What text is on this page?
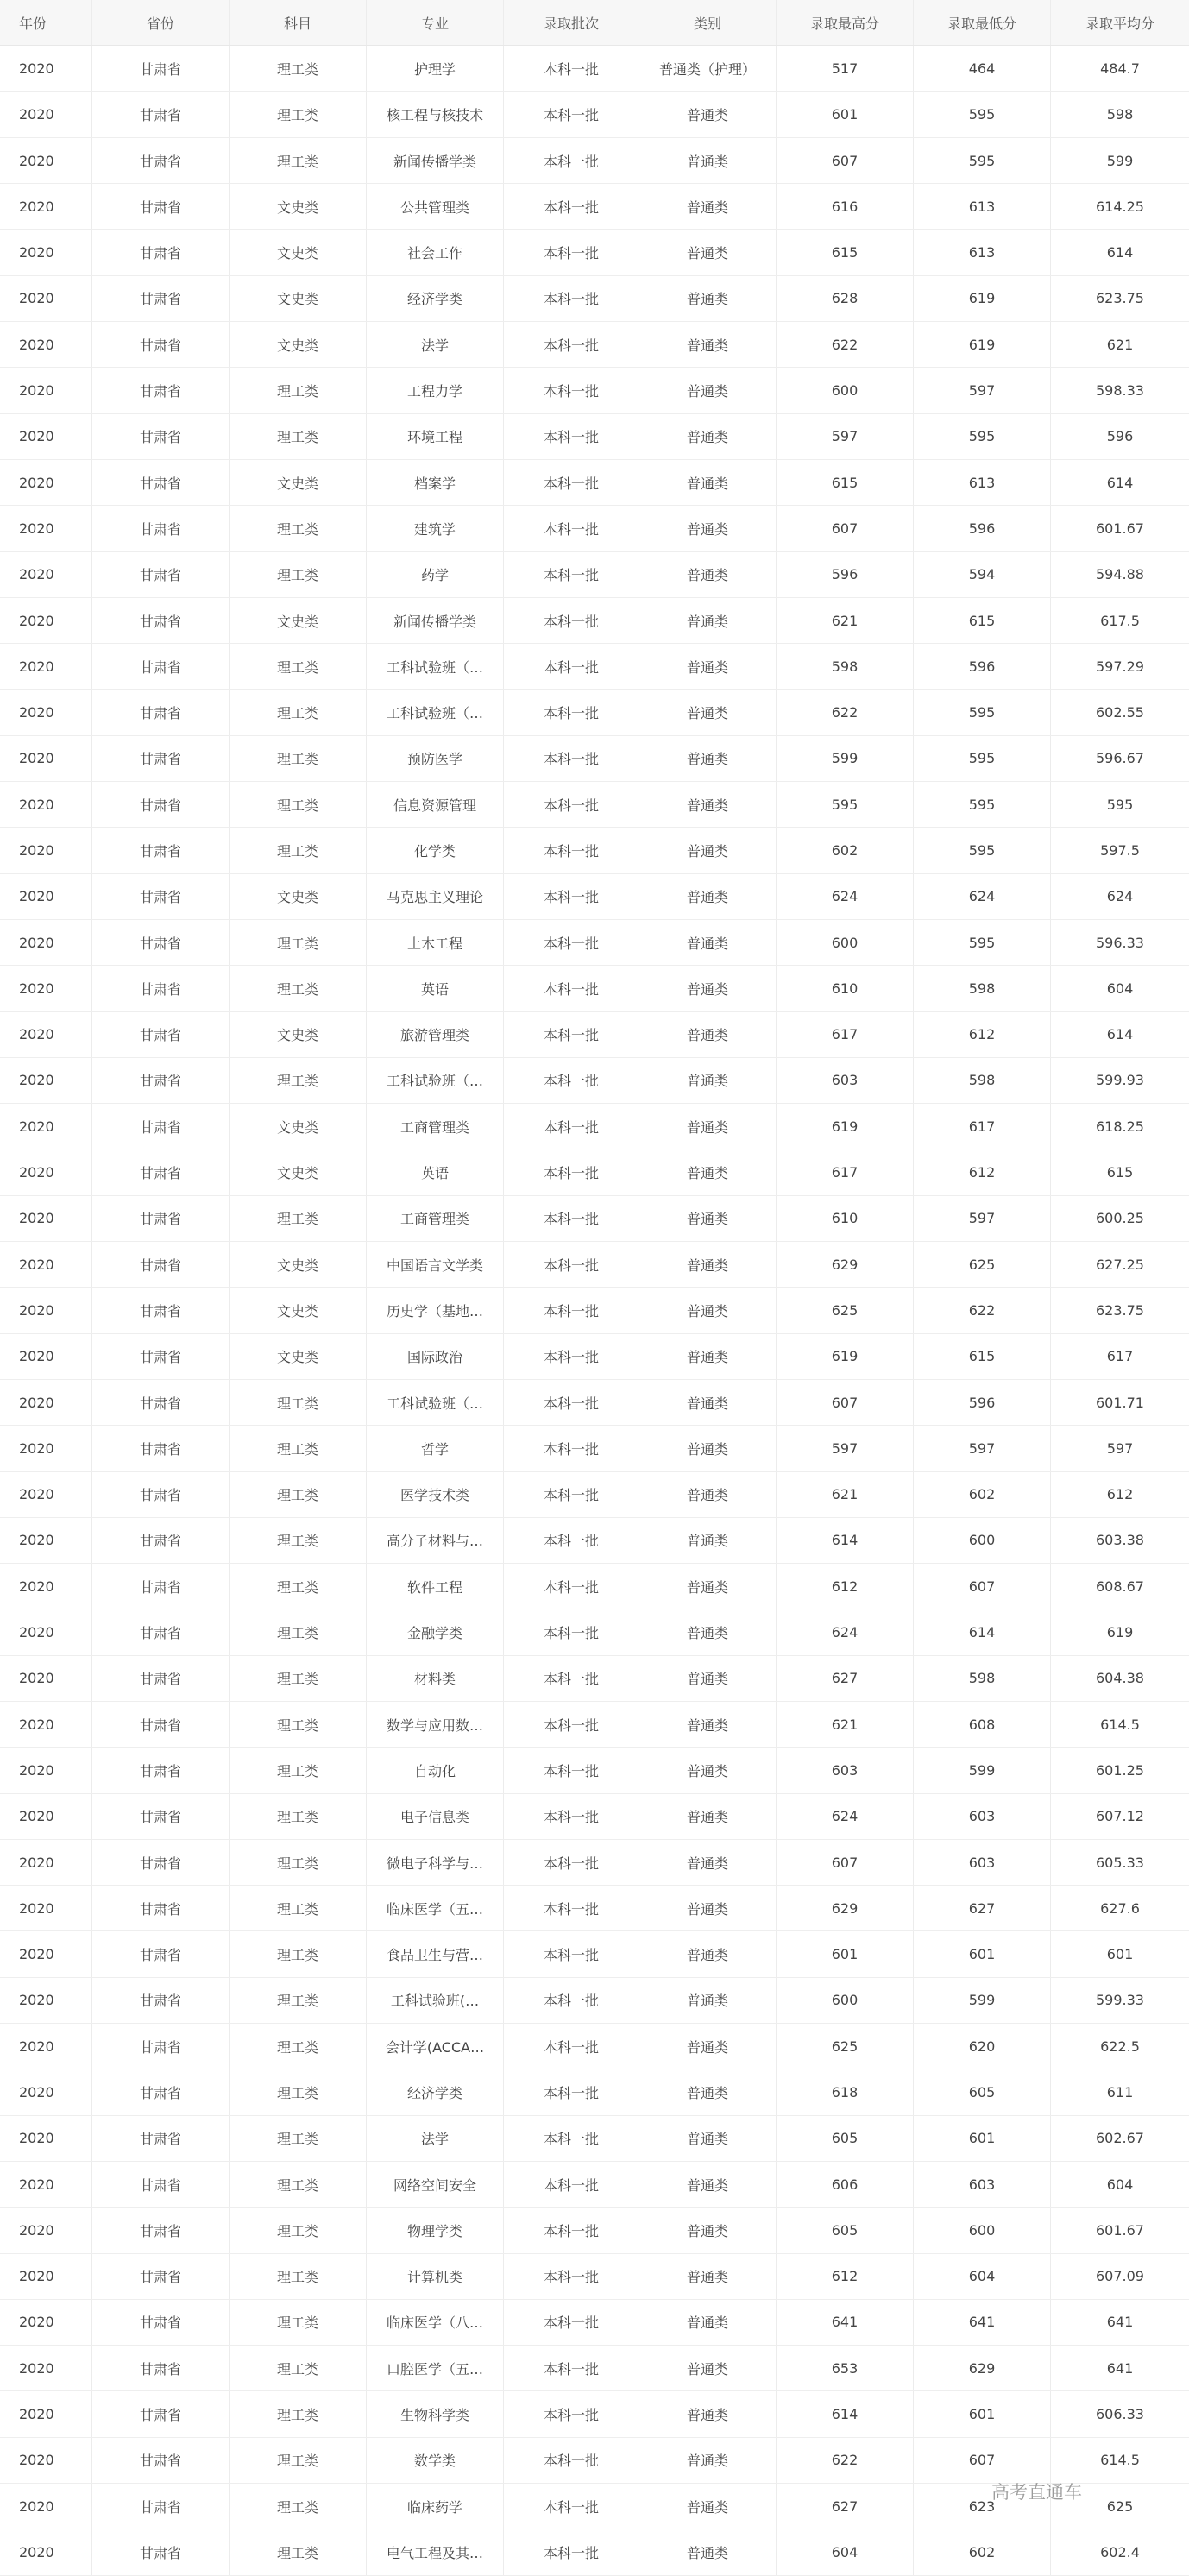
年份	省份	科目	专业	录取批次	类别	录取最高分	录取最低分	录取平均分
2020	甘肃省	理工类	护理学	本科一批	普通类（护理）	517	464	484.7
2020	甘肃省	理工类	核工程与核技术	本科一批	普通类	601	595	598
2020	甘肃省	理工类	新闻传播学类	本科一批	普通类	607	595	599
2020	甘肃省	文史类	公共管理类	本科一批	普通类	616	613	614.25
2020	甘肃省	文史类	社会工作	本科一批	普通类	615	613	614
2020	甘肃省	文史类	经济学类	本科一批	普通类	628	619	623.75
2020	甘肃省	文史类	法学	本科一批	普通类	622	619	621
2020	甘肃省	理工类	工程力学	本科一批	普通类	600	597	598.33
2020	甘肃省	理工类	环境工程	本科一批	普通类	597	595	596
2020	甘肃省	文史类	档案学	本科一批	普通类	615	613	614
2020	甘肃省	理工类	建筑学	本科一批	普通类	607	596	601.67
2020	甘肃省	理工类	药学	本科一批	普通类	596	594	594.88
2020	甘肃省	文史类	新闻传播学类	本科一批	普通类	621	615	617.5
2020	甘肃省	理工类	工科试验班（…	本科一批	普通类	598	596	597.29
2020	甘肃省	理工类	工科试验班（…	本科一批	普通类	622	595	602.55
2020	甘肃省	理工类	预防医学	本科一批	普通类	599	595	596.67
2020	甘肃省	理工类	信息资源管理	本科一批	普通类	595	595	595
2020	甘肃省	理工类	化学类	本科一批	普通类	602	595	597.5
2020	甘肃省	文史类	马克思主义理论	本科一批	普通类	624	624	624
2020	甘肃省	理工类	土木工程	本科一批	普通类	600	595	596.33
2020	甘肃省	理工类	英语	本科一批	普通类	610	598	604
2020	甘肃省	文史类	旅游管理类	本科一批	普通类	617	612	614
2020	甘肃省	理工类	工科试验班（…	本科一批	普通类	603	598	599.93
2020	甘肃省	文史类	工商管理类	本科一批	普通类	619	617	618.25
2020	甘肃省	文史类	英语	本科一批	普通类	617	612	615
2020	甘肃省	理工类	工商管理类	本科一批	普通类	610	597	600.25
2020	甘肃省	文史类	中国语言文学类	本科一批	普通类	629	625	627.25
2020	甘肃省	文史类	历史学（基地…	本科一批	普通类	625	622	623.75
2020	甘肃省	文史类	国际政治	本科一批	普通类	619	615	617
2020	甘肃省	理工类	工科试验班（…	本科一批	普通类	607	596	601.71
2020	甘肃省	理工类	哲学	本科一批	普通类	597	597	597
2020	甘肃省	理工类	医学技术类	本科一批	普通类	621	602	612
2020	甘肃省	理工类	高分子材料与…	本科一批	普通类	614	600	603.38
2020	甘肃省	理工类	软件工程	本科一批	普通类	612	607	608.67
2020	甘肃省	理工类	金融学类	本科一批	普通类	624	614	619
2020	甘肃省	理工类	材料类	本科一批	普通类	627	598	604.38
2020	甘肃省	理工类	数学与应用数…	本科一批	普通类	621	608	614.5
2020	甘肃省	理工类	自动化	本科一批	普通类	603	599	601.25
2020	甘肃省	理工类	电子信息类	本科一批	普通类	624	603	607.12
2020	甘肃省	理工类	微电子科学与…	本科一批	普通类	607	603	605.33
2020	甘肃省	理工类	临床医学（五…	本科一批	普通类	629	627	627.6
2020	甘肃省	理工类	食品卫生与营…	本科一批	普通类	601	601	601
2020	甘肃省	理工类	工科试验班(…	本科一批	普通类	600	599	599.33
2020	甘肃省	理工类	会计学(ACCA…	本科一批	普通类	625	620	622.5
2020	甘肃省	理工类	经济学类	本科一批	普通类	618	605	611
2020	甘肃省	理工类	法学	本科一批	普通类	605	601	602.67
2020	甘肃省	理工类	网络空间安全	本科一批	普通类	606	603	604
2020	甘肃省	理工类	物理学类	本科一批	普通类	605	600	601.67
2020	甘肃省	理工类	计算机类	本科一批	普通类	612	604	607.09
2020	甘肃省	理工类	临床医学（八…	本科一批	普通类	641	641	641
2020	甘肃省	理工类	口腔医学（五…	本科一批	普通类	653	629	641
2020	甘肃省	理工类	生物科学类	本科一批	普通类	614	601	606.33
2020	甘肃省	理工类	数学类	本科一批	普通类	622	607	614.5
2020	甘肃省	理工类	临床药学	本科一批	普通类	627	623	625
2020	甘肃省	理工类	电气工程及其…	本科一批	普通类	604	602	602.4
高考直通车
